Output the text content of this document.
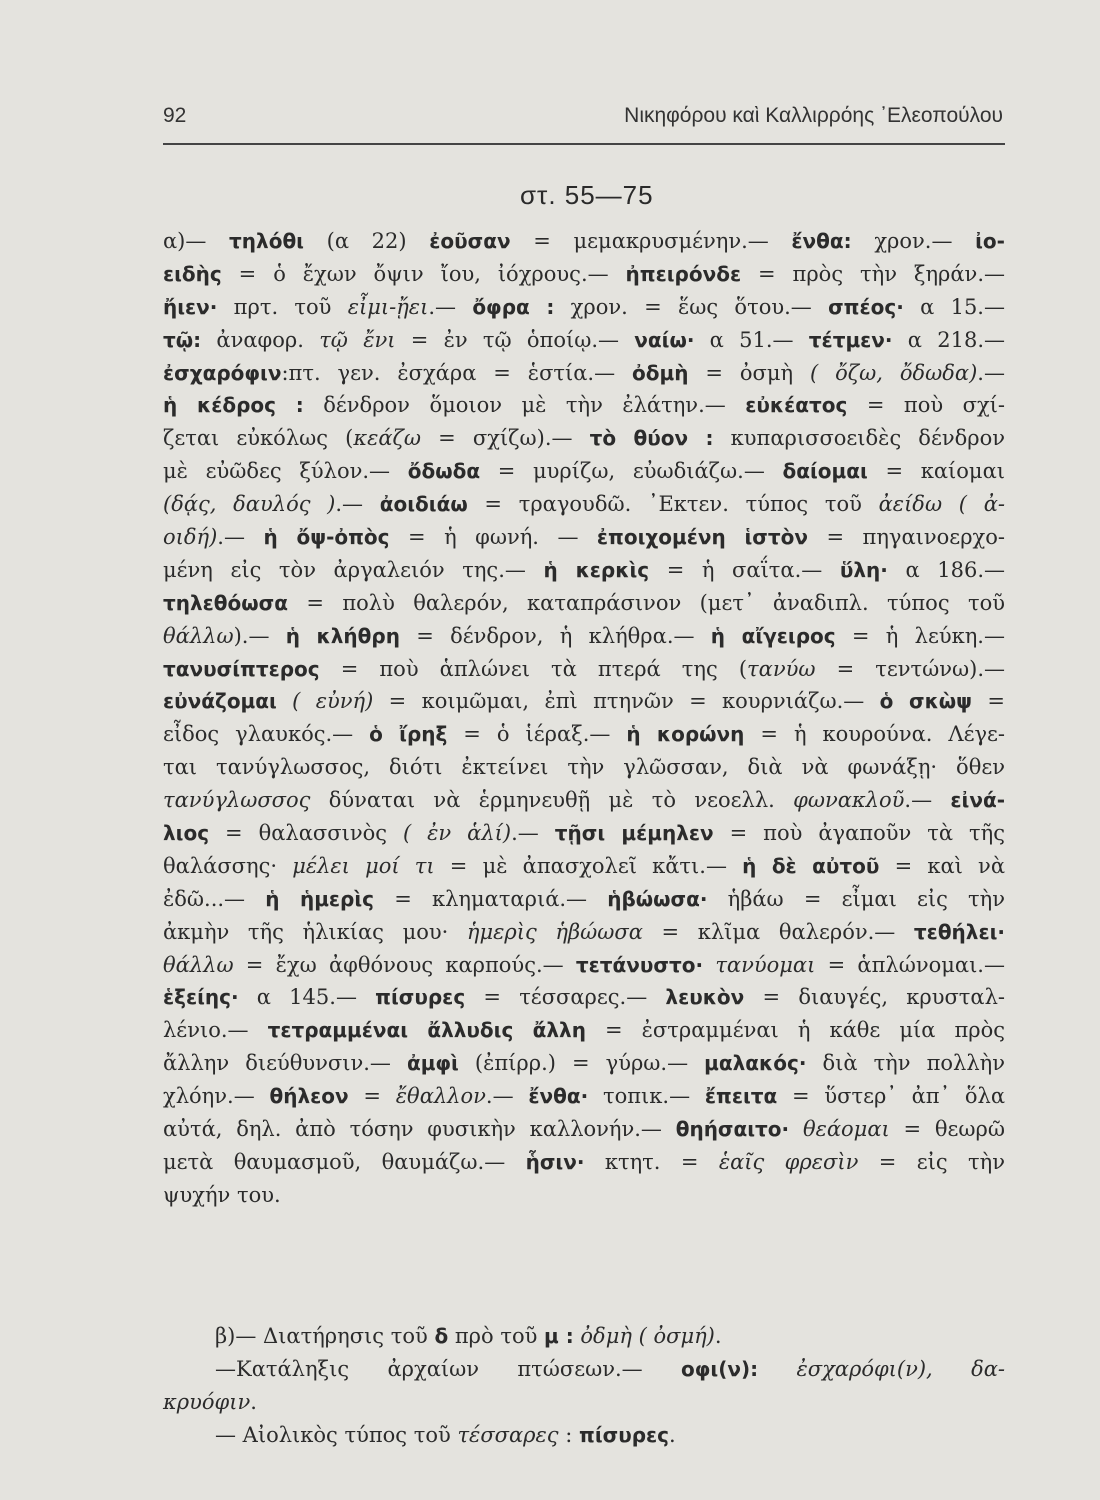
92	Νικηφόρου καὶ Καλλιρρόης ᾿Ελεοπούλου
στ. 55—75
α)— τηλόθι (α 22) ἐοῦσαν = μεμακρυσμένην.— ἔνθα: χρον.— ἰο-
ειδὴς = ὁ ἔχων ὄψιν ἴου, ἰόχρους.— ἠπειρόνδε = πρὸς τὴν ξηράν.—
ἤιεν· πρτ. τοῦ εἶμι-ᾔει.— ὄφρα : χρον. = ἕως ὅτου.— σπέος· α 15.—
τῷ: ἀναφορ. τῷ ἔνι = ἐν τῷ ὁποίῳ.— ναίω· α 51.— τέτμεν· α 218.—
ἐσχαρόφιν:πτ. γεν. ἐσχάρα = ἑστία.— ὀδμὴ = ὀσμὴ ( ὄζω, ὄδωδα).—
ἡ κέδρος : δένδρον ὅμοιον μὲ τὴν ἐλάτην.— εὐκέατος = ποὺ σχί-
ζεται εὐκόλως (κεάζω = σχίζω).— τὸ θύον : κυπαρισσοειδὲς δένδρον
μὲ εὐῶδες ξύλον.— ὄδωδα = μυρίζω, εὐωδιάζω.— δαίομαι = καίομαι
(δᾴς, δαυλός ).— ἀοιδιάω = τραγουδῶ. ᾿Εκτεν. τύπος τοῦ ἀείδω ( ἀ-
οιδή).— ἡ ὄψ-ὀπὸς = ἡ φωνή. — ἐποιχομένη ἱστὸν = πηγαινοερχο-
μένη εἰς τὸν ἀργαλειόν της.— ἡ κερκὶς = ἡ σαΐτα.— ὕλη· α 186.—
τηλεθόωσα = πολὺ θαλερόν, καταπράσινον (μετ᾿ ἀναδιπλ. τύπος τοῦ
θάλλω).— ἡ κλήθρη = δένδρον, ἡ κλήθρα.— ἡ αἴγειρος = ἡ λεύκη.—
τανυσίπτερος = ποὺ ἁπλώνει τὰ πτερά της (τανύω = τεντώνω).—
εὐνάζομαι ( εὐνή) = κοιμῶμαι, ἐπὶ πτηνῶν = κουρνιάζω.— ὁ σκὼψ =
εἶδος γλαυκός.— ὁ ἴρηξ = ὁ ἱέραξ.— ἡ κορώνη = ἡ κουρούνα. Λέγε-
ται τανύγλωσσος, διότι ἐκτείνει τὴν γλῶσσαν, διὰ νὰ φωνάξῃ· ὅθεν
τανύγλωσσος δύναται νὰ ἑρμηνευθῇ μὲ τὸ νεοελλ. φωνακλοῦ.— εἰνά-
λιος = θαλασσινὸς ( ἐν ἁλί).— τῇσι μέμηλεν = ποὺ ἀγαποῦν τὰ τῆς
θαλάσσης· μέλει μοί τι = μὲ ἀπασχολεῖ κἄτι.— ἡ δὲ αὐτοῦ = καὶ νὰ
ἐδῶ...— ἡ ἡμερὶς = κληματαριά.— ἡβώωσα· ἡβάω = εἶμαι εἰς τὴν
ἀκμὴν τῆς ἡλικίας μου· ἡμερὶς ἡβώωσα = κλῖμα θαλερόν.— τεθήλει·
θάλλω = ἔχω ἀφθόνους καρπούς.— τετάνυστο· τανύομαι = ἁπλώνομαι.—
ἑξείης· α 145.— πίσυρες = τέσσαρες.— λευκὸν = διαυγές, κρυσταλ-
λένιο.— τετραμμέναι ἄλλυδις ἄλλη = ἐστραμμέναι ἡ κάθε μία πρὸς
ἄλλην διεύθυνσιν.— ἀμφὶ (ἐπίρρ.) = γύρω.— μαλακός· διὰ τὴν πολλὴν
χλόην.— θήλεον = ἔθαλλον.— ἔνθα· τοπικ.— ἔπειτα = ὕστερ᾿ ἀπ᾿ ὅλα
αὐτά, δηλ. ἀπὸ τόσην φυσικὴν καλλονήν.— θηήσαιτο· θεάομαι = θεωρῶ
μετὰ θαυμασμοῦ, θαυμάζω.— ἧσιν· κτητ. = ἑαῖς φρεσὶν = εἰς τὴν
ψυχήν του.
β)— Διατήρησις τοῦ δ πρὸ τοῦ μ : ὀδμὴ ( ὀσμή).
—Κατάληξις ἀρχαίων πτώσεων.— οφι(ν): ἐσχαρόφι(ν), δα-
κρυόφιν.
— Αἰολικὸς τύπος τοῦ τέσσαρες : πίσυρες.
